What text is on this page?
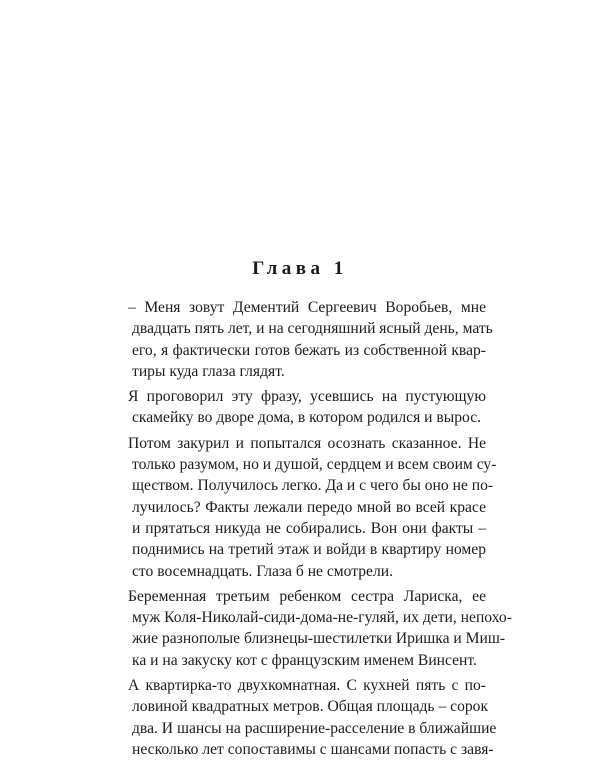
Глава 1
– Меня зовут Дементий Сергеевич Воробьев, мне
двадцать пять лет, и на сегодняшний ясный день, мать
его, я фактически готов бежать из собственной квар-
тиры куда глаза глядят.
Я проговорил эту фразу, усевшись на пустующую
скамейку во дворе дома, в котором родился и вырос.
Потом закурил и попытался осознать сказанное. Не
только разумом, но и душой, сердцем и всем своим су-
ществом. Получилось легко. Да и с чего бы оно не по-
лучилось? Факты лежали передо мной во всей красе
и прятаться никуда не собирались. Вон они факты –
поднимись на третий этаж и войди в квартиру номер
сто восемнадцать. Глаза б не смотрели.
Беременная третьим ребенком сестра Лариска, ее
муж Коля-Николай-сиди-дома-не-гуляй, их дети, непохо-
жие разнополые близнецы-шестилетки Иришка и Миш-
ка и на закуску кот с французским именем Винсент.
А квартирка-то двухкомнатная. С кухней пять с по-
ловиной квадратных метров. Общая площадь – сорок
два. И шансы на расширение-расселение в ближайшие
несколько лет сопоставимы с шансами попасть с завя-
